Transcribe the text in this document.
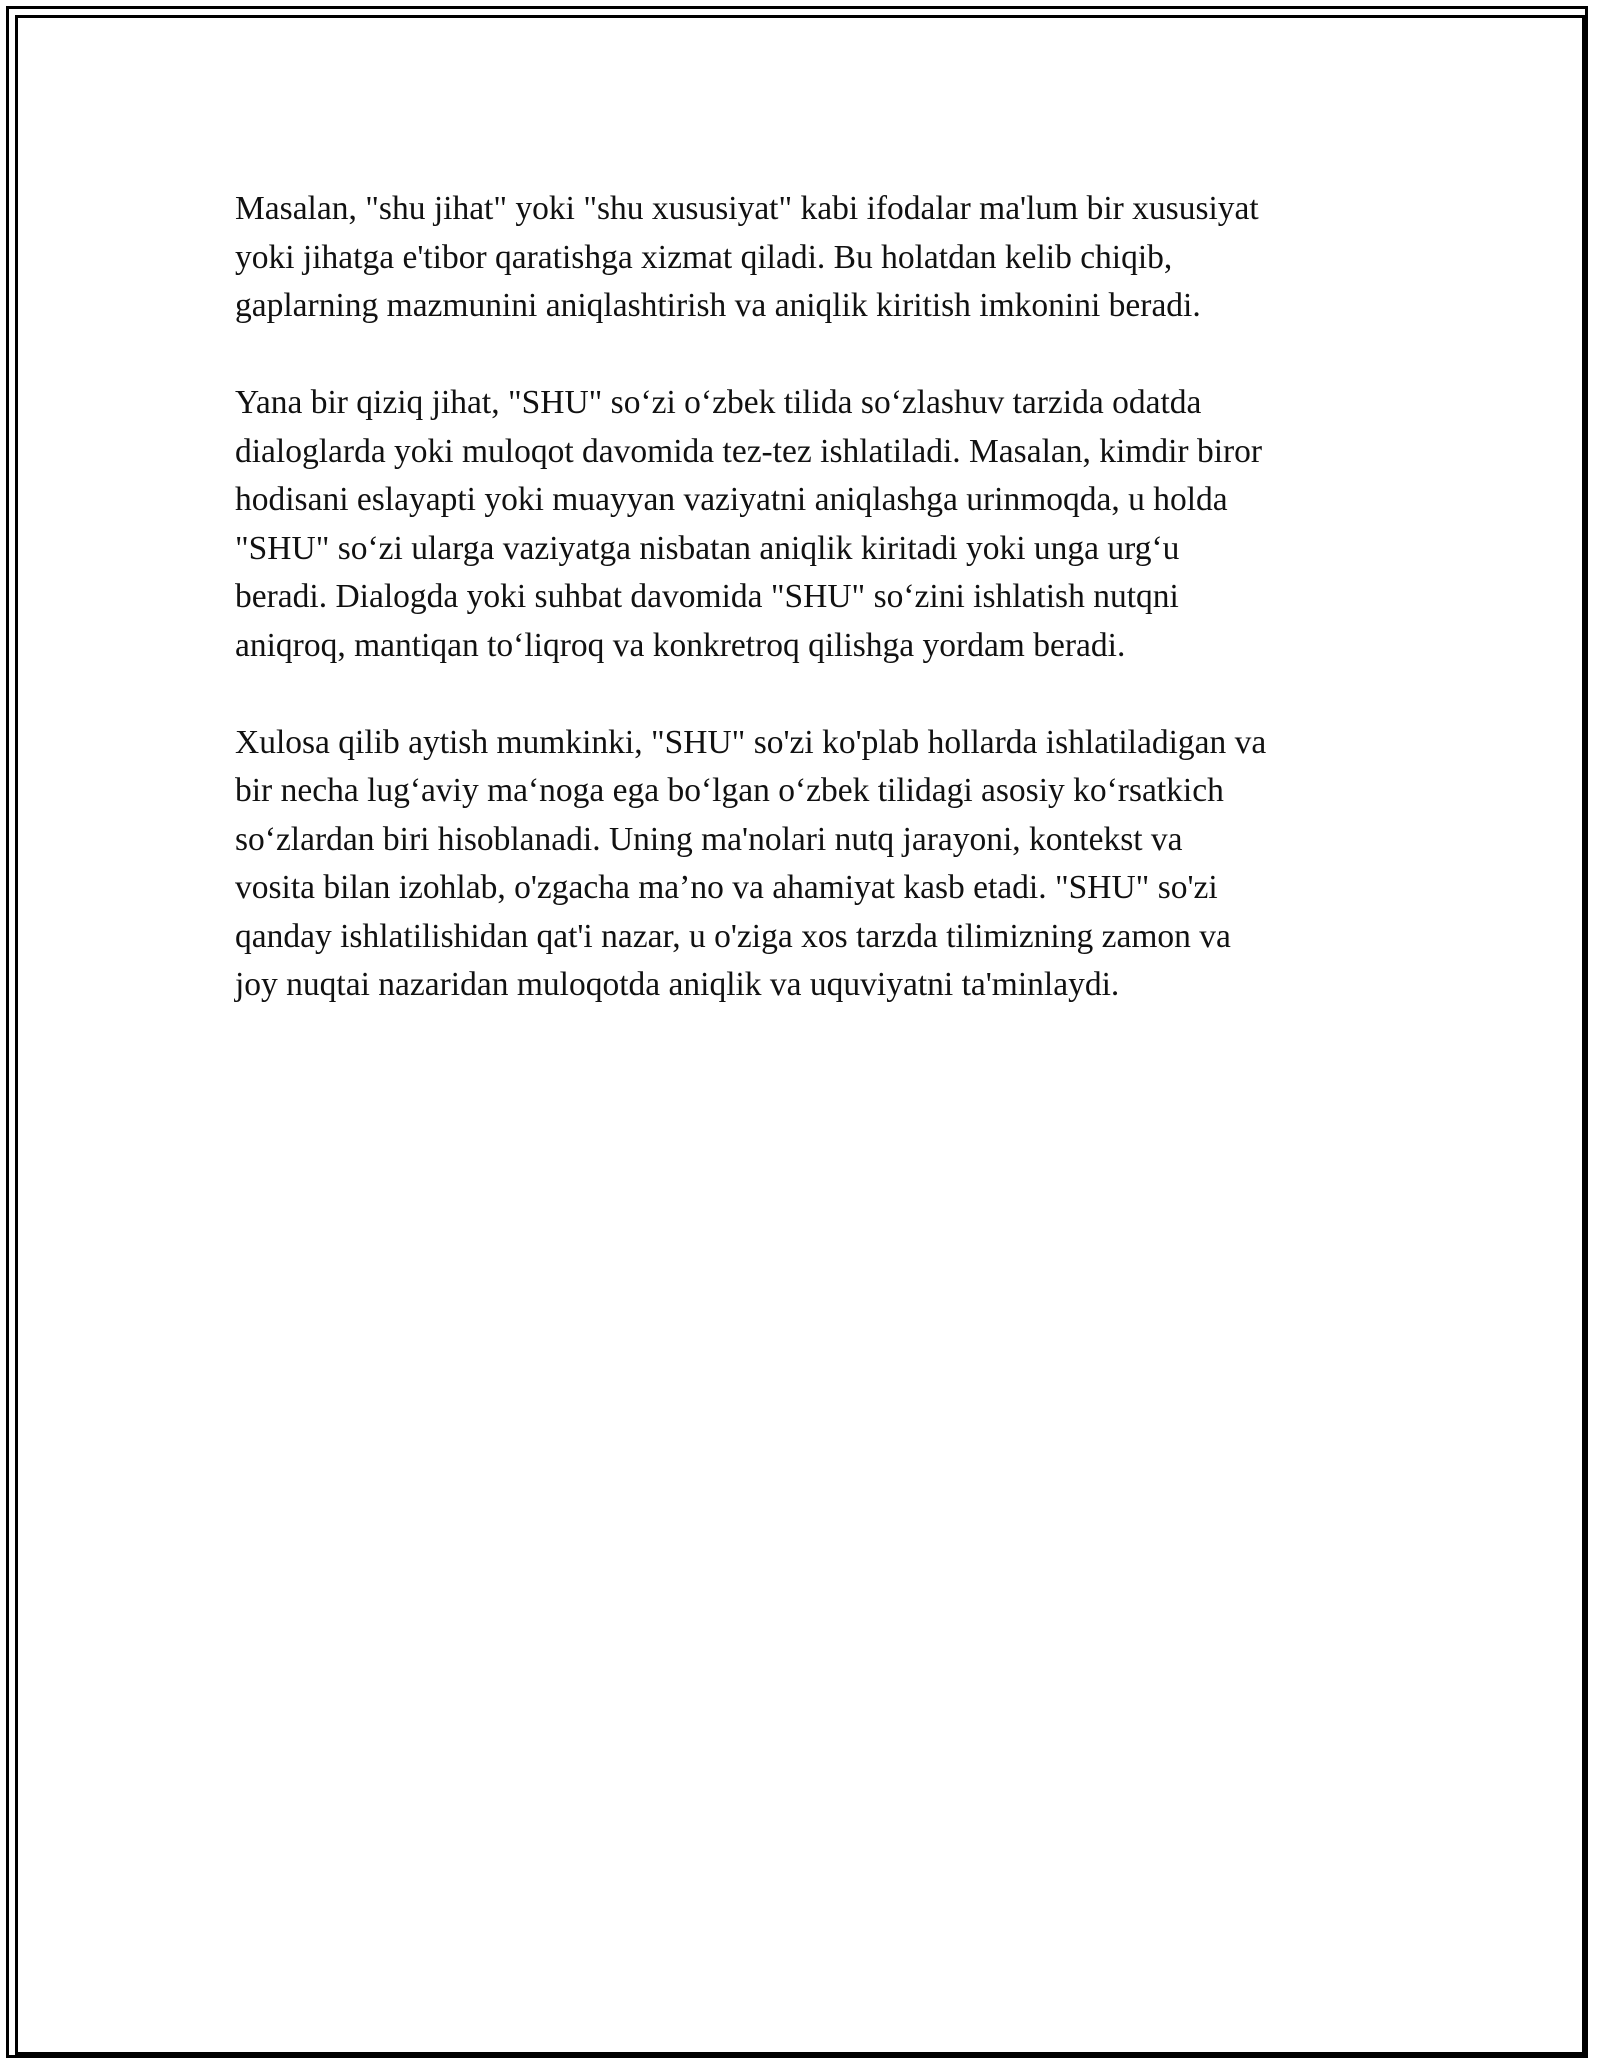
Masalan, "shu jihat" yoki "shu xususiyat" kabi ifodalar ma'lum bir xususiyat
yoki jihatga e'tibor qaratishga xizmat qiladi. Bu holatdan kelib chiqib,
gaplarning mazmunini aniqlashtirish va aniqlik kiritish imkonini beradi.

Yana bir qiziq jihat, "SHU" so‘zi o‘zbek tilida so‘zlashuv tarzida odatda
dialoglarda yoki muloqot davomida tez-tez ishlatiladi. Masalan, kimdir biror
hodisani eslayapti yoki muayyan vaziyatni aniqlashga urinmoqda, u holda
"SHU" so‘zi ularga vaziyatga nisbatan aniqlik kiritadi yoki unga urg‘u
beradi. Dialogda yoki suhbat davomida "SHU" so‘zini ishlatish nutqni
aniqroq, mantiqan to‘liqroq va konkretroq qilishga yordam beradi.

Xulosa qilib aytish mumkinki, "SHU" so'zi ko'plab hollarda ishlatiladigan va
bir necha lug‘aviy ma‘noga ega bo‘lgan o‘zbek tilidagi asosiy ko‘rsatkich
so‘zlardan biri hisoblanadi. Uning ma'nolari nutq jarayoni, kontekst va
vosita bilan izohlab, o'zgacha ma’no va ahamiyat kasb etadi. "SHU" so'zi
qanday ishlatilishidan qat'i nazar, u o'ziga xos tarzda tilimizning zamon va
joy nuqtai nazaridan muloqotda aniqlik va uquviyatni ta'minlaydi.
